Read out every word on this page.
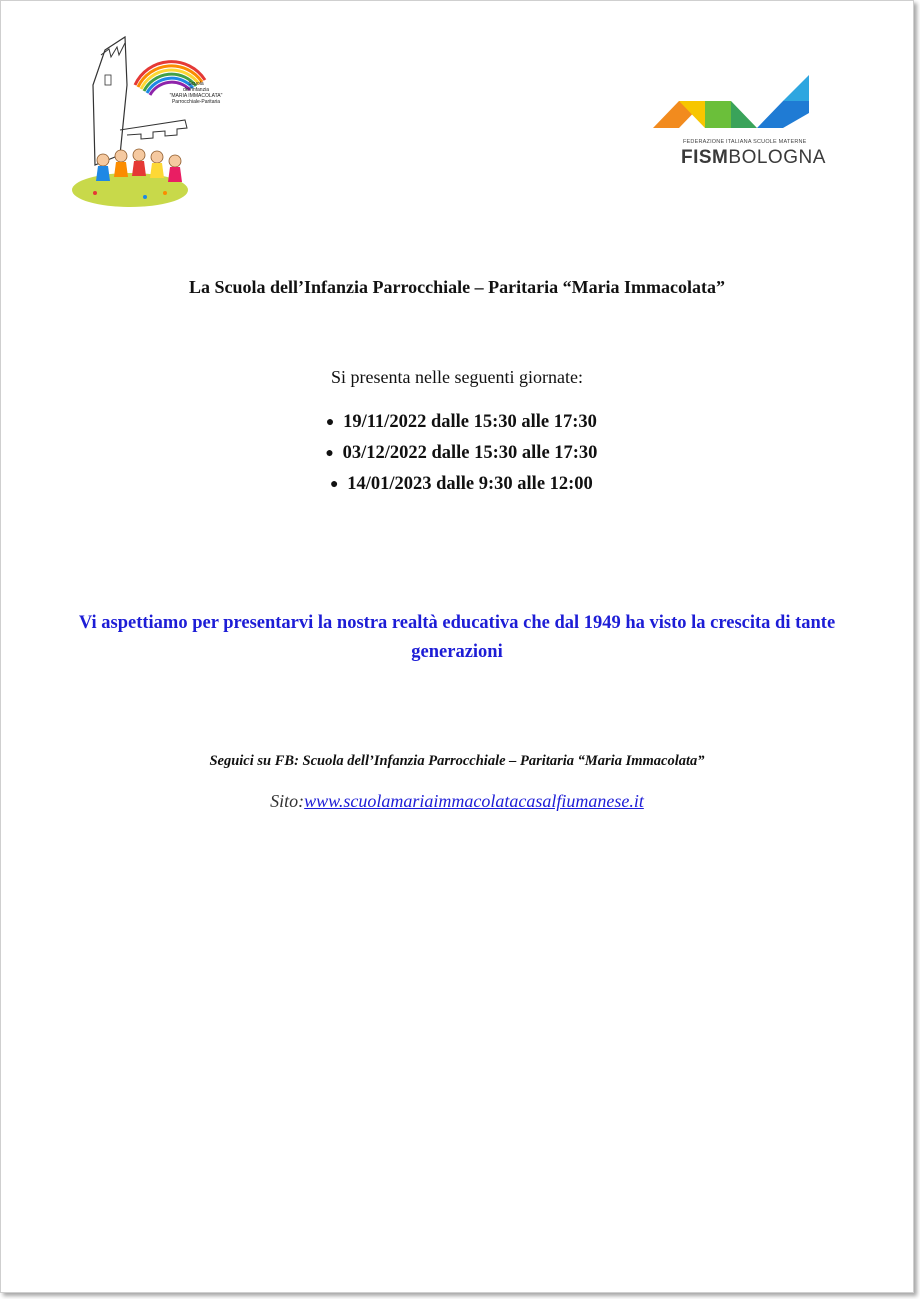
Scuola
dell'infanzia
"MARIA IMMACOLATA"
Parrocchiale-Paritaria
FEDERAZIONE ITALIANA SCUOLE MATERNE
FISMBOLOGNA
La Scuola dell’Infanzia Parrocchiale – Paritaria “Maria Immacolata”
Si presenta nelle seguenti giornate:
● 19/11/2022 dalle 15:30 alle 17:30
● 03/12/2022 dalle 15:30 alle 17:30
● 14/01/2023 dalle 9:30 alle 12:00
Vi aspettiamo per presentarvi la nostra realtà educativa che dal 1949 ha visto la crescita di tante generazioni
Seguici su FB: Scuola dell’Infanzia Parrocchiale – Paritaria “Maria Immacolata”
Sito:www.scuolamariaimmacolatacasalfiumanese.it
